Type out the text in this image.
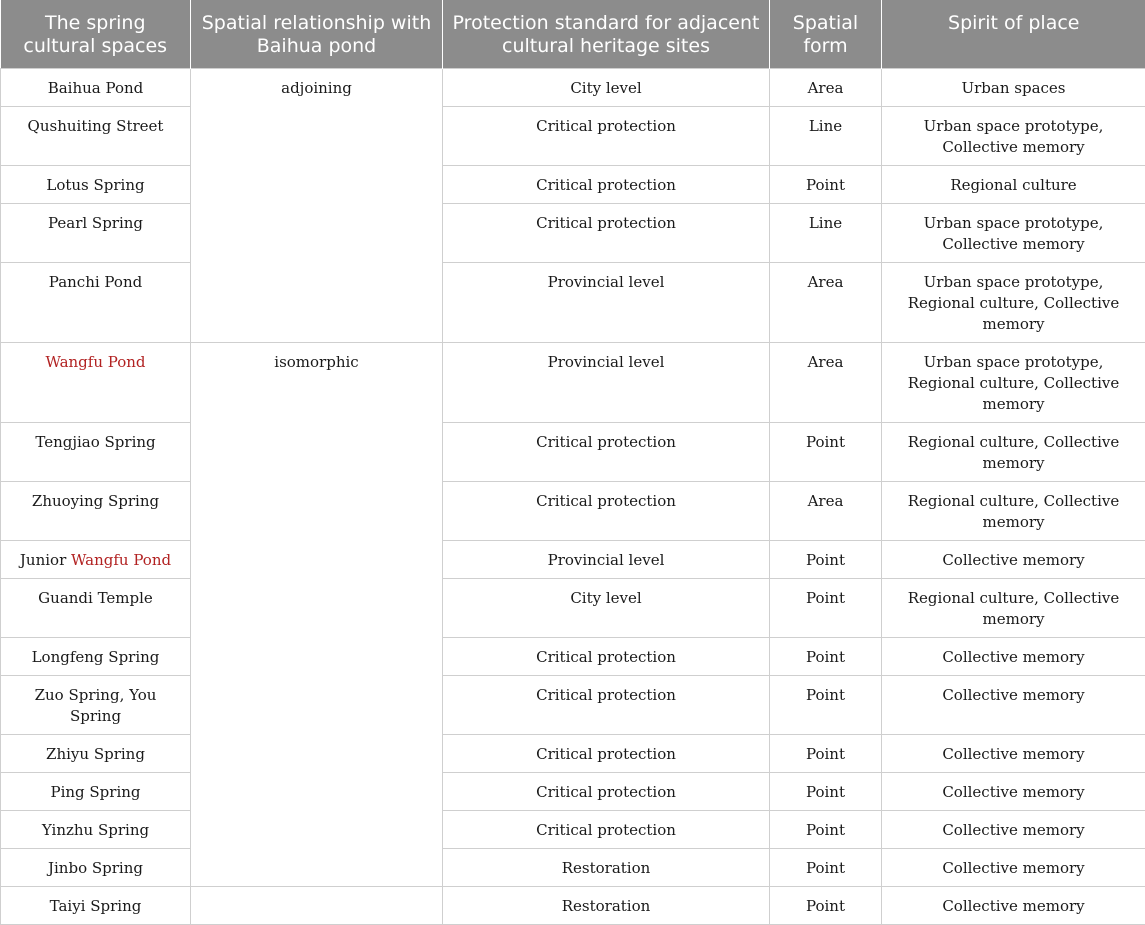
The spring cultural spaces	Spatial relationship with Baihua pond	Protection standard for adjacent cultural heritage sites	Spatial form	Spirit of place
Baihua Pond	adjoining	City level	Area	Urban spaces
Qushuiting Street		Critical protection	Line	Urban space prototype, Collective memory
Lotus Spring		Critical protection	Point	Regional culture
Pearl Spring		Critical protection	Line	Urban space prototype, Collective memory
Panchi Pond		Provincial level	Area	Urban space prototype, Regional culture, Collective memory
Wangfu Pond	isomorphic	Provincial level	Area	Urban space prototype, Regional culture, Collective memory
Tengjiao Spring		Critical protection	Point	Regional culture, Collective memory
Zhuoying Spring		Critical protection	Area	Regional culture, Collective memory
Junior Wangfu Pond		Provincial level	Point	Collective memory
Guandi Temple		City level	Point	Regional culture, Collective memory
Longfeng Spring		Critical protection	Point	Collective memory
Zuo Spring, You Spring		Critical protection	Point	Collective memory
Zhiyu Spring		Critical protection	Point	Collective memory
Ping Spring		Critical protection	Point	Collective memory
Yinzhu Spring		Critical protection	Point	Collective memory
Jinbo Spring		Restoration	Point	Collective memory
Taiyi Spring		Restoration	Point	Collective memory
